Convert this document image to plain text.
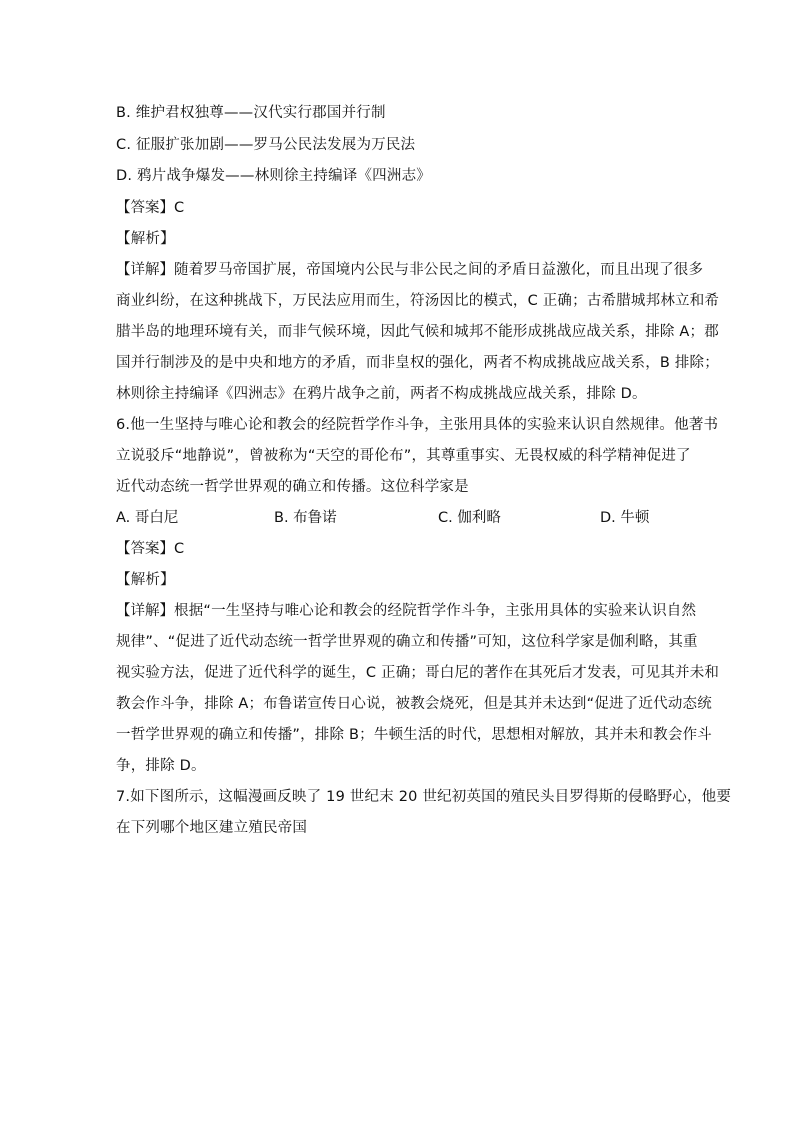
B. 维护君权独尊——汉代实行郡国并行制
C. 征服扩张加剧——罗马公民法发展为万民法
D. 鸦片战争爆发——林则徐主持编译《四洲志》
【答案】C
【解析】
【详解】随着罗马帝国扩展，帝国境内公民与非公民之间的矛盾日益激化，而且出现了很多
商业纠纷，在这种挑战下，万民法应用而生，符汤因比的模式，C 正确；古希腊城邦林立和希
腊半岛的地理环境有关，而非气候环境，因此气候和城邦不能形成挑战应战关系，排除 A；郡
国并行制涉及的是中央和地方的矛盾，而非皇权的强化，两者不构成挑战应战关系，B 排除；
林则徐主持编译《四洲志》在鸦片战争之前，两者不构成挑战应战关系，排除 D。
6.他一生坚持与唯心论和教会的经院哲学作斗争，主张用具体的实验来认识自然规律。他著书
立说驳斥“地静说”，曾被称为“天空的哥伦布”，其尊重事实、无畏权威的科学精神促进了
近代动态统一哲学世界观的确立和传播。这位科学家是
A. 哥白尼	B. 布鲁诺	C. 伽利略	D. 牛顿
【答案】C
【解析】
【详解】根据“一生坚持与唯心论和教会的经院哲学作斗争，主张用具体的实验来认识自然
规律”、“促进了近代动态统一哲学世界观的确立和传播”可知，这位科学家是伽利略，其重
视实验方法，促进了近代科学的诞生，C 正确；哥白尼的著作在其死后才发表，可见其并未和
教会作斗争，排除 A；布鲁诺宣传日心说，被教会烧死，但是其并未达到“促进了近代动态统
一哲学世界观的确立和传播”，排除 B；牛顿生活的时代，思想相对解放，其并未和教会作斗
争，排除 D。
7.如下图所示，这幅漫画反映了 19 世纪末 20 世纪初英国的殖民头目罗得斯的侵略野心，他要
在下列哪个地区建立殖民帝国
